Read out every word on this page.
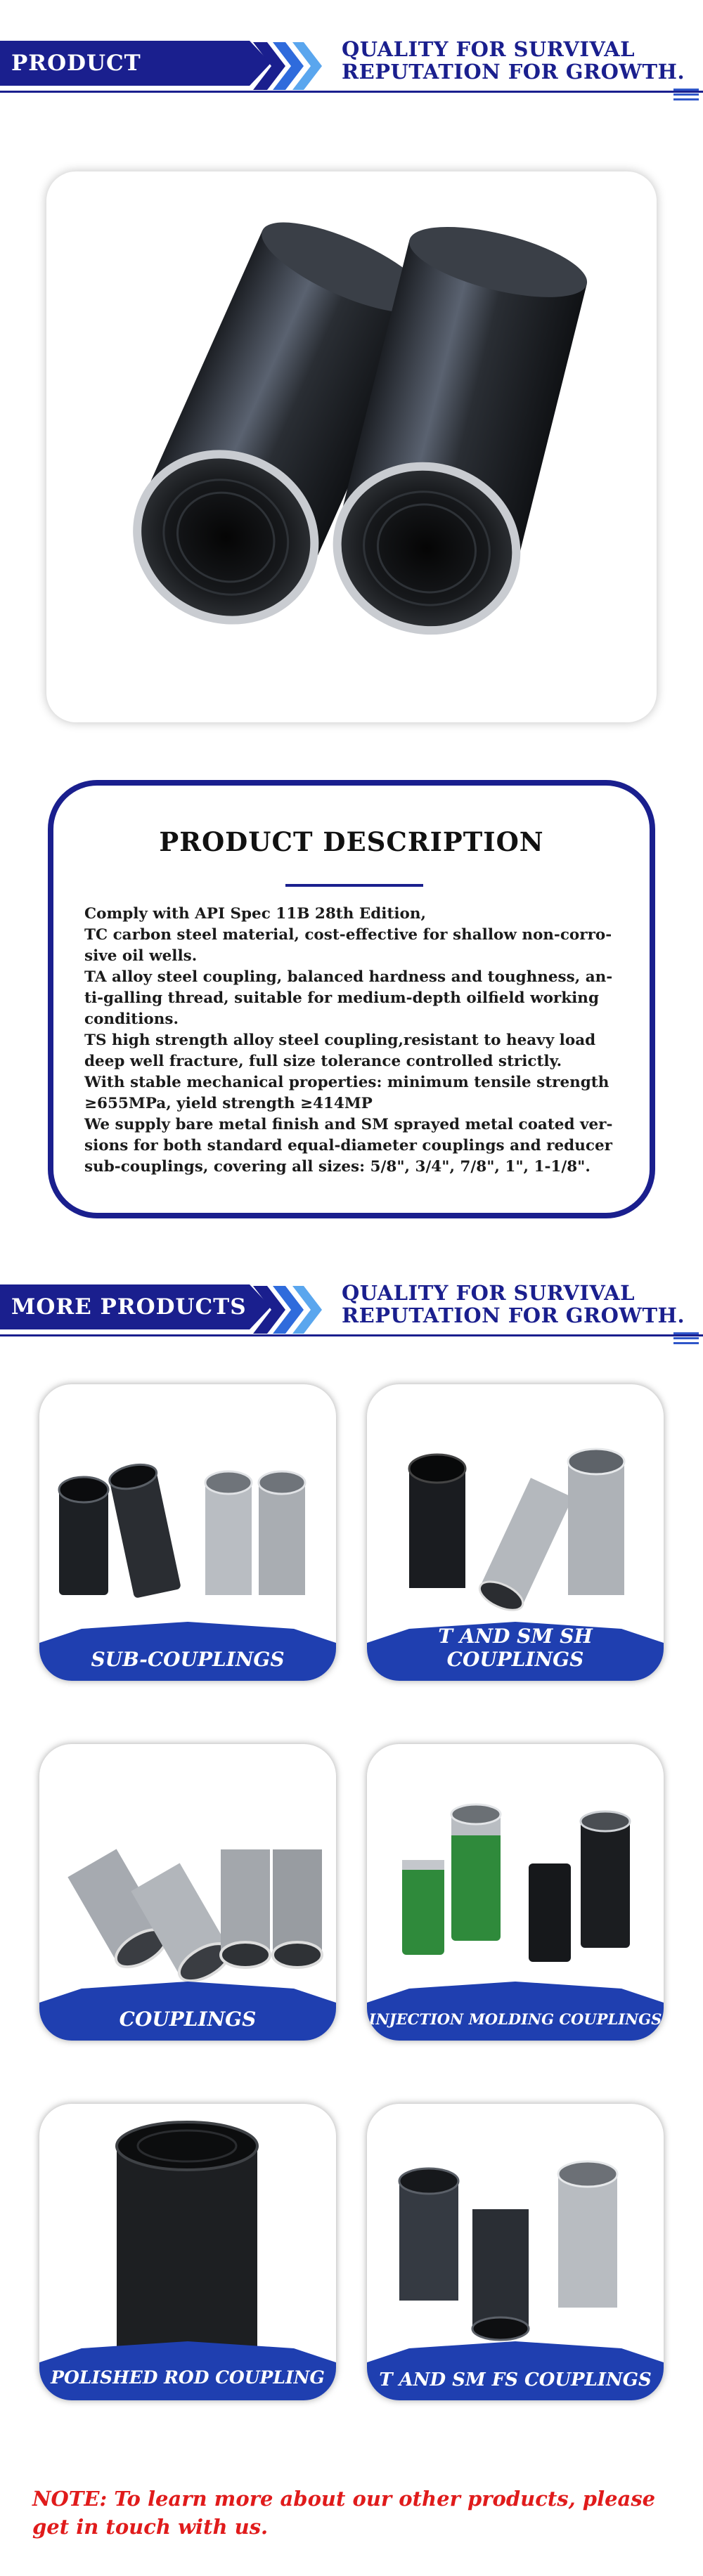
PRODUCT DISPLAY
QUALITY FOR SURVIVAL
REPUTATION FOR GROWTH.
PRODUCT DESCRIPTION

Comply with API Spec 11B 28th Edition,

TC carbon steel material, cost-effective for shallow non-corro-sive oil wells.

TA alloy steel coupling, balanced hardness and toughness, an-ti-galling thread, suitable for medium-depth oilfield working conditions.

TS high strength alloy steel coupling,resistant to heavy load deep well fracture, full size tolerance controlled strictly.

With stable mechanical properties: minimum tensile strength ≥655MPa, yield strength ≥414MP

We supply bare metal finish and SM sprayed metal coated ver-sions for both standard equal-diameter couplings and reducer sub-couplings, covering all sizes: 5/8", 3/4", 7/8", 1", 1-1/8".

MORE PRODUCTS
QUALITY FOR SURVIVAL
REPUTATION FOR GROWTH.
SUB-COUPLINGS
T AND SM SH COUPLINGS
COUPLINGS	INJECTION MOLDING COUPLINGS
POLISHED ROD COUPLING	T AND SM FS COUPLINGS
NOTE: To learn more about our other products, please get in touch with us.
